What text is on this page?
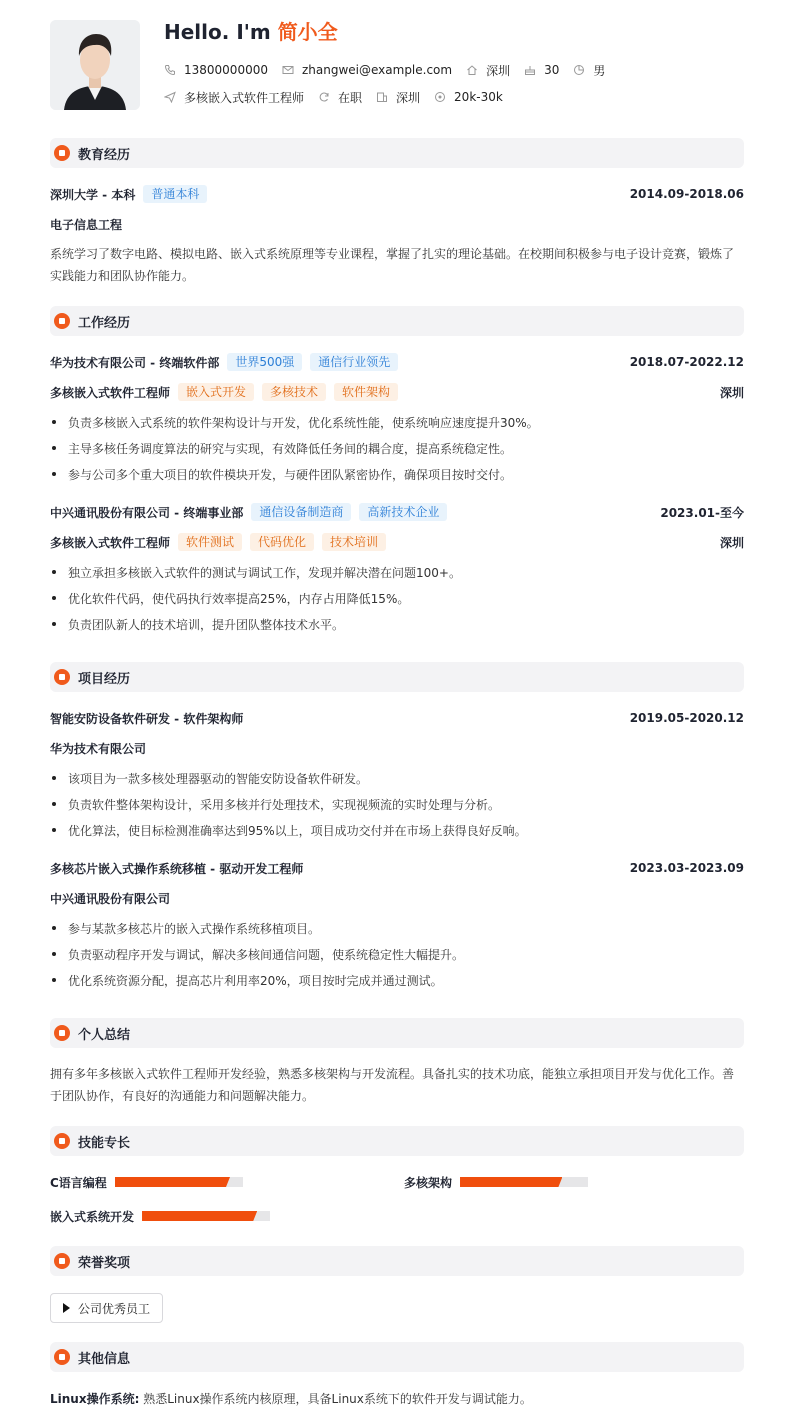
Hello. I'm 简小全
13800000000	zhangwei@example.com	深圳	30	男
多核嵌入式软件工程师	在职	深圳	20k-30k
教育经历
深圳大学 - 本科	普通本科	2014.09-2018.06
电子信息工程
系统学习了数字电路、模拟电路、嵌入式系统原理等专业课程，掌握了扎实的理论基础。在校期间积极参与电子设计竞赛，锻炼了实践能力和团队协作能力。
工作经历
华为技术有限公司 - 终端软件部	世界500强	通信行业领先	2018.07-2022.12
多核嵌入式软件工程师	嵌入式开发	多核技术	软件架构	深圳
负责多核嵌入式系统的软件架构设计与开发，优化系统性能，使系统响应速度提升30%。
主导多核任务调度算法的研究与实现，有效降低任务间的耦合度，提高系统稳定性。
参与公司多个重大项目的软件模块开发，与硬件团队紧密协作，确保项目按时交付。
中兴通讯股份有限公司 - 终端事业部	通信设备制造商	高新技术企业	2023.01-至今
多核嵌入式软件工程师	软件测试	代码优化	技术培训	深圳
独立承担多核嵌入式软件的测试与调试工作，发现并解决潜在问题100+。
优化软件代码，使代码执行效率提高25%，内存占用降低15%。
负责团队新人的技术培训，提升团队整体技术水平。
项目经历
智能安防设备软件研发 - 软件架构师	2019.05-2020.12
华为技术有限公司
该项目为一款多核处理器驱动的智能安防设备软件研发。
负责软件整体架构设计，采用多核并行处理技术，实现视频流的实时处理与分析。
优化算法，使目标检测准确率达到95%以上，项目成功交付并在市场上获得良好反响。
多核芯片嵌入式操作系统移植 - 驱动开发工程师	2023.03-2023.09
中兴通讯股份有限公司
参与某款多核芯片的嵌入式操作系统移植项目。
负责驱动程序开发与调试，解决多核间通信问题，使系统稳定性大幅提升。
优化系统资源分配，提高芯片利用率20%，项目按时完成并通过测试。
个人总结
拥有多年多核嵌入式软件工程师开发经验，熟悉多核架构与开发流程。具备扎实的技术功底，能独立承担项目开发与优化工作。善于团队协作，有良好的沟通能力和问题解决能力。
技能专长
C语言编程	多核架构
嵌入式系统开发
荣誉奖项
公司优秀员工
其他信息
Linux操作系统: 熟悉Linux操作系统内核原理，具备Linux系统下的软件开发与调试能力。
